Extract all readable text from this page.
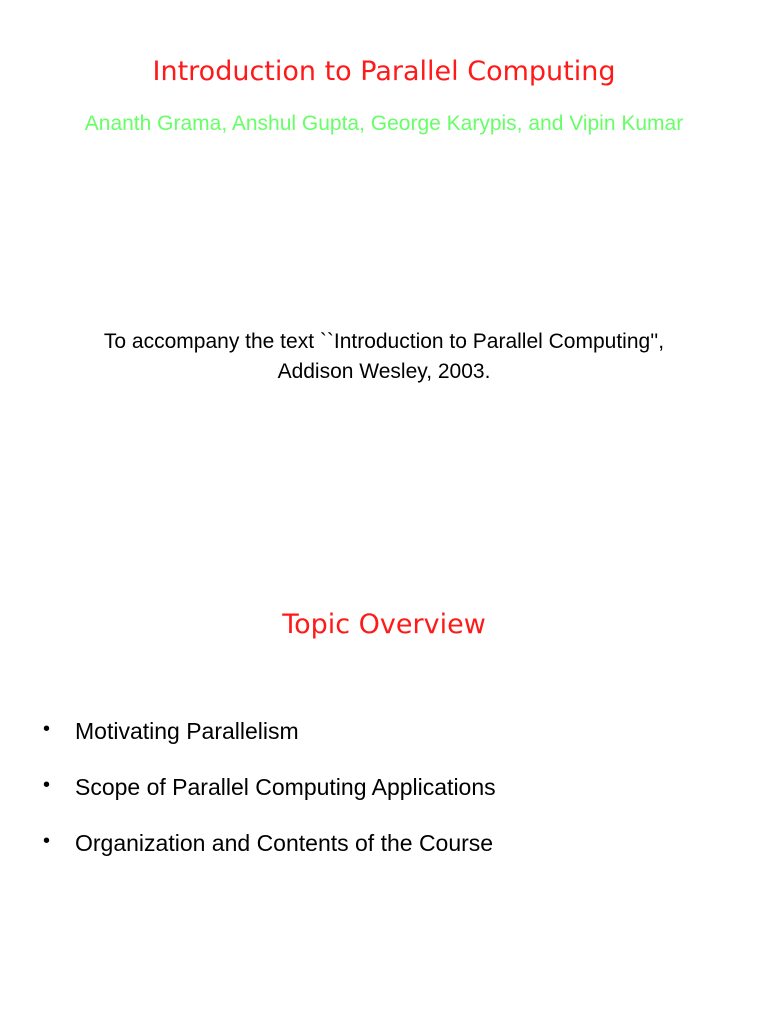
Introduction to Parallel Computing
Ananth Grama, Anshul Gupta, George Karypis, and Vipin Kumar
To accompany the text ``Introduction to Parallel Computing'',
Addison Wesley, 2003.
Topic Overview
• Motivating Parallelism
• Scope of Parallel Computing Applications
• Organization and Contents of the Course
